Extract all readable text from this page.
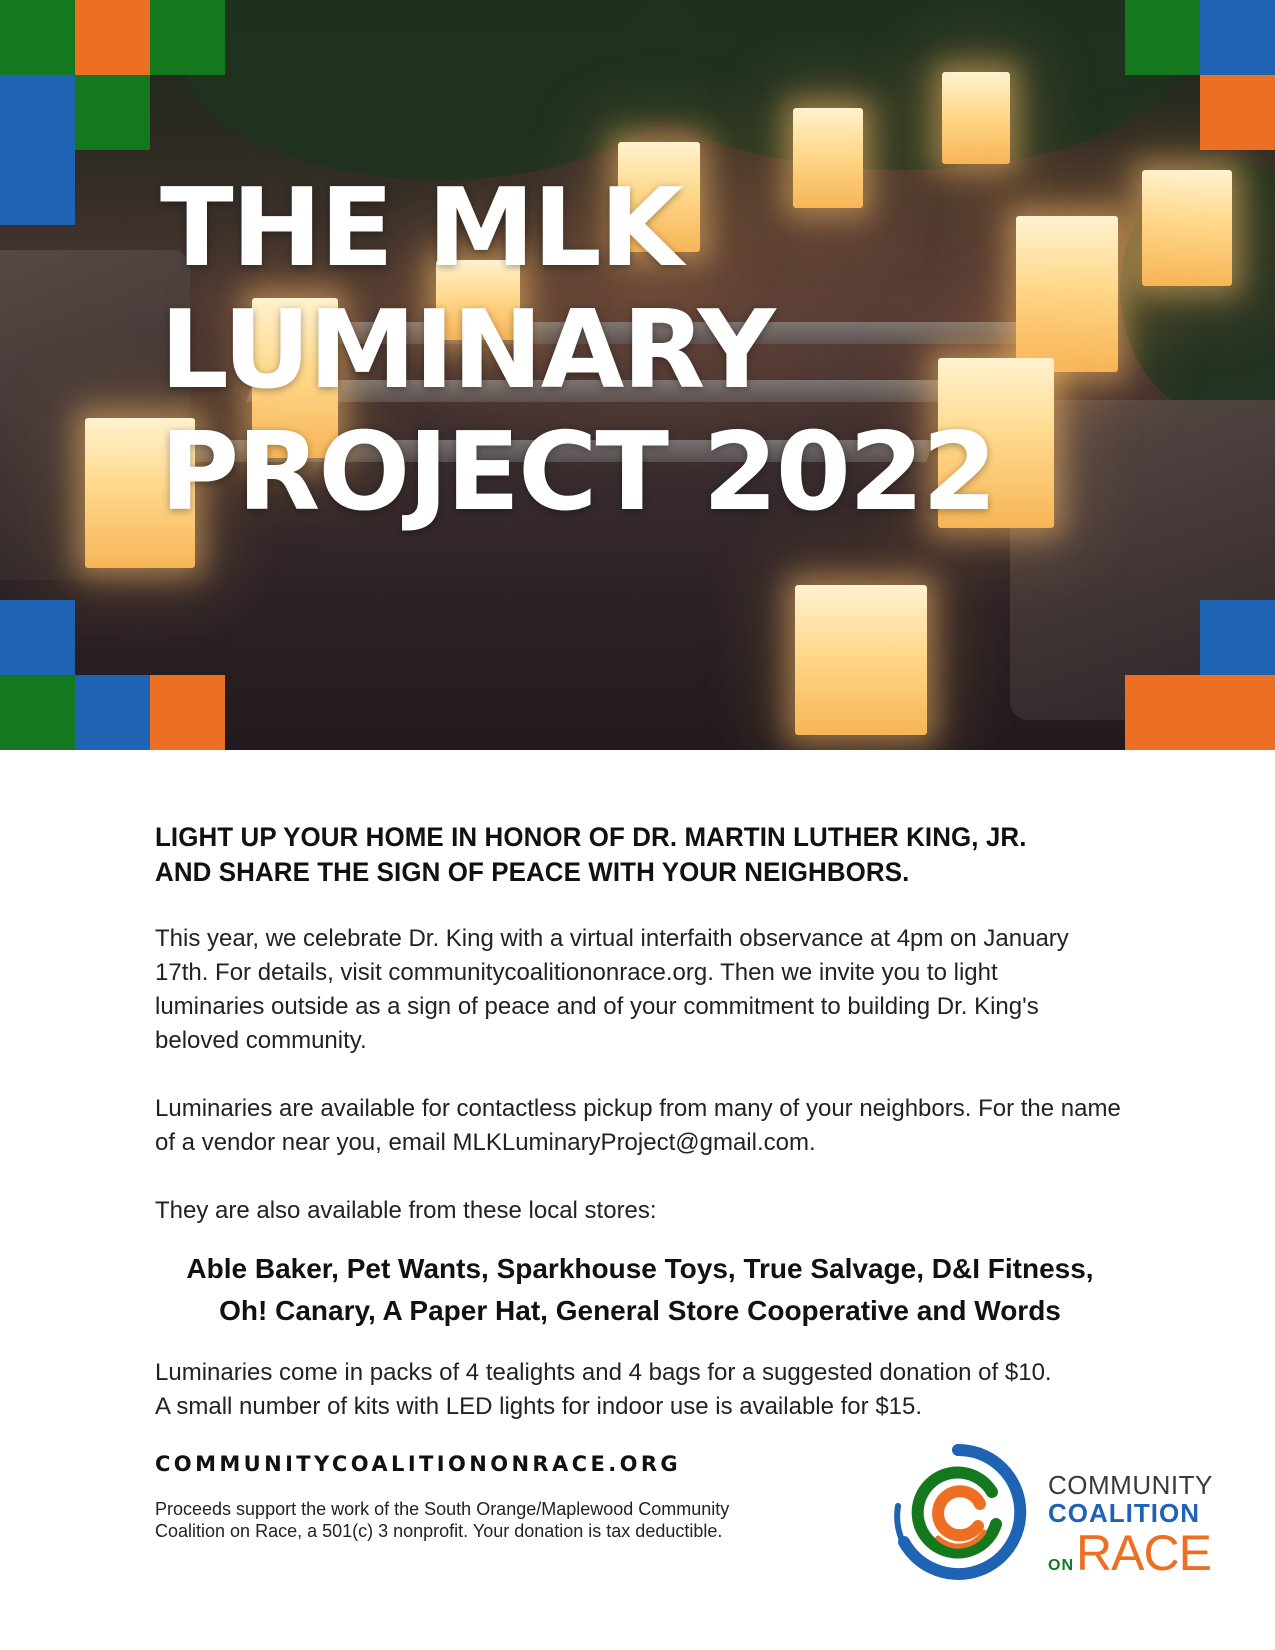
THE MLK
LUMINARY
PROJECT 2022
LIGHT UP YOUR HOME IN HONOR OF DR. MARTIN LUTHER KING, JR.
AND SHARE THE SIGN OF PEACE WITH YOUR NEIGHBORS.
This year, we celebrate Dr. King with a virtual interfaith observance at 4pm on January
17th. For details, visit communitycoalitiononrace.org. Then we invite you to light
luminaries outside as a sign of peace and of your commitment to building Dr. King's
beloved community.
Luminaries are available for contactless pickup from many of your neighbors. For the name
of a vendor near you, email MLKLuminaryProject@gmail.com.
They are also available from these local stores:
Able Baker, Pet Wants, Sparkhouse Toys, True Salvage, D&I Fitness,
Oh! Canary, A Paper Hat, General Store Cooperative and Words
Luminaries come in packs of 4 tealights and 4 bags for a suggested donation of $10.
A small number of kits with LED lights for indoor use is available for $15.
COMMUNITYCOALITIONONRACE.ORG
Proceeds support the work of the South Orange/Maplewood Community
Coalition on Race, a 501(c) 3 nonprofit. Your donation is tax deductible.
COMMUNITY
COALITION
ON RACE
